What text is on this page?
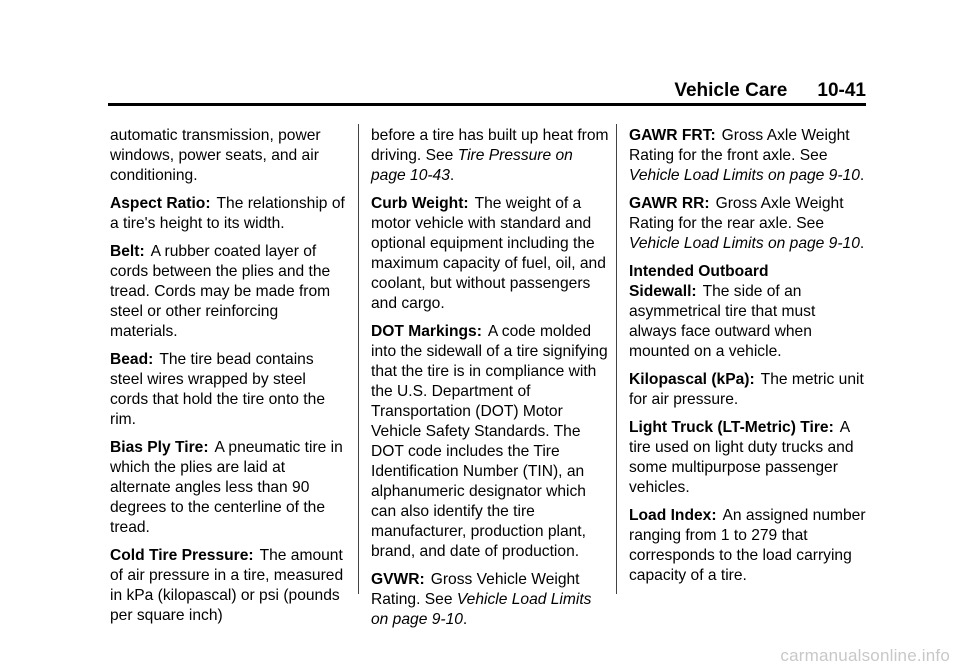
Vehicle Care 10-41

automatic transmission, power windows, power seats, and air conditioning.

Aspect Ratio: The relationship of a tire's height to its width.

Belt: A rubber coated layer of cords between the plies and the tread. Cords may be made from steel or other reinforcing materials.

Bead: The tire bead contains steel wires wrapped by steel cords that hold the tire onto the rim.

Bias Ply Tire: A pneumatic tire in which the plies are laid at alternate angles less than 90 degrees to the centerline of the tread.

Cold Tire Pressure: The amount of air pressure in a tire, measured in kPa (kilopascal) or psi (pounds per square inch)

before a tire has built up heat from driving. See Tire Pressure on page 10-43.

Curb Weight: The weight of a motor vehicle with standard and optional equipment including the maximum capacity of fuel, oil, and coolant, but without passengers and cargo.

DOT Markings: A code molded into the sidewall of a tire signifying that the tire is in compliance with the U.S. Department of Transportation (DOT) Motor Vehicle Safety Standards. The DOT code includes the Tire Identification Number (TIN), an alphanumeric designator which can also identify the tire manufacturer, production plant, brand, and date of production.

GVWR: Gross Vehicle Weight Rating. See Vehicle Load Limits on page 9-10.

GAWR FRT: Gross Axle Weight Rating for the front axle. See Vehicle Load Limits on page 9-10.

GAWR RR: Gross Axle Weight Rating for the rear axle. See Vehicle Load Limits on page 9-10.

Intended Outboard Sidewall: The side of an asymmetrical tire that must always face outward when mounted on a vehicle.

Kilopascal (kPa): The metric unit for air pressure.

Light Truck (LT-Metric) Tire: A tire used on light duty trucks and some multipurpose passenger vehicles.

Load Index: An assigned number ranging from 1 to 279 that corresponds to the load carrying capacity of a tire.

carmanualsonline.info
